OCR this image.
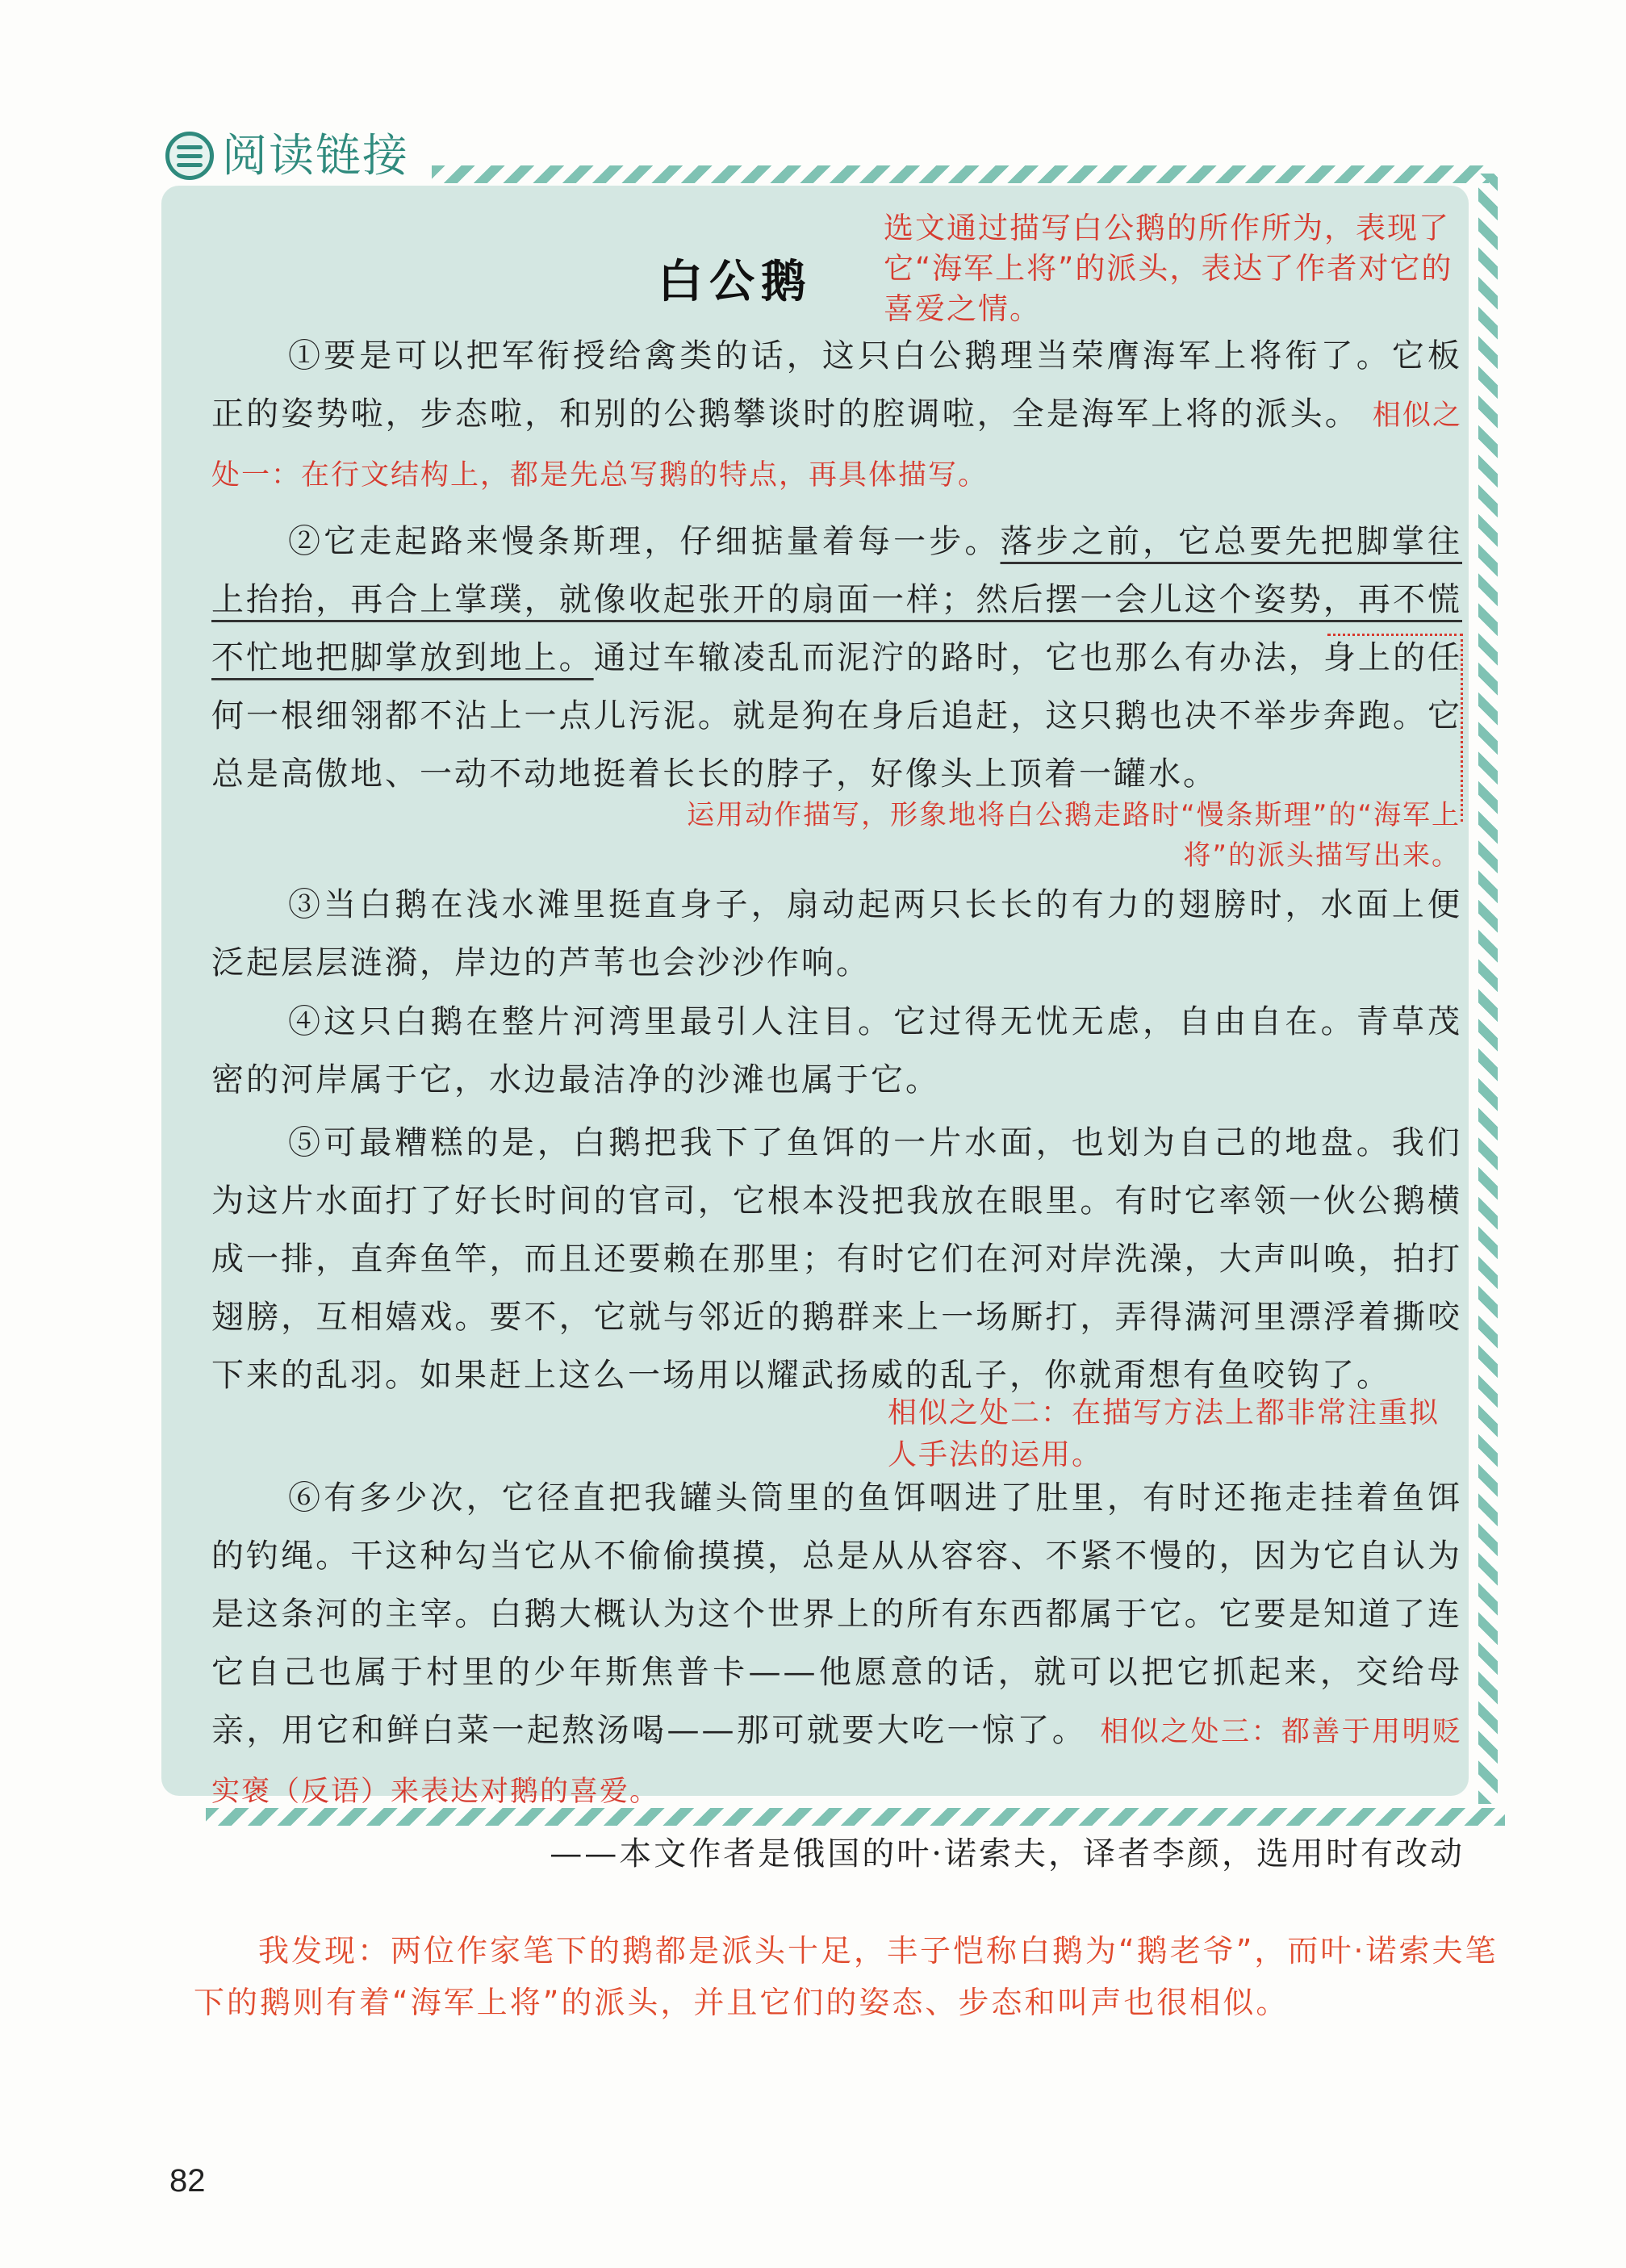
阅读链接
白公鹅
选文通过描写白公鹅的所作所为，表现了它“海军上将”的派头，表达了作者对它的喜爱之情。

①要是可以把军衔授给禽类的话，这只白公鹅理当荣膺海军上将衔了。它板正的姿势啦，步态啦，和别的公鹅攀谈时的腔调啦，全是海军上将的派头。 相似之处一：在行文结构上，都是先总写鹅的特点，再具体描写。

②它走起路来慢条斯理，仔细掂量着每一步。落步之前，它总要先把脚掌往上抬抬，再合上掌璞，就像收起张开的扇面一样；然后摆一会儿这个姿势，再不慌不忙地把脚掌放到地上。通过车辙凌乱而泥泞的路时，它也那么有办法，身上的任何一根细翎都不沾上一点儿污泥。就是狗在身后追赶，这只鹅也决不举步奔跑。它总是高傲地、一动不动地挺着长长的脖子，好像头上顶着一罐水。

运用动作描写，形象地将白公鹅走路时“慢条斯理”的“海军上将”的派头描写出来。

③当白鹅在浅水滩里挺直身子，扇动起两只长长的有力的翅膀时，水面上便泛起层层涟漪，岸边的芦苇也会沙沙作响。

④这只白鹅在整片河湾里最引人注目。它过得无忧无虑，自由自在。青草茂密的河岸属于它，水边最洁净的沙滩也属于它。

⑤可最糟糕的是，白鹅把我下了鱼饵的一片水面，也划为自己的地盘。我们为这片水面打了好长时间的官司，它根本没把我放在眼里。有时它率领一伙公鹅横成一排，直奔鱼竿，而且还要赖在那里；有时它们在河对岸洗澡，大声叫唤，拍打翅膀，互相嬉戏。要不，它就与邻近的鹅群来上一场厮打，弄得满河里漂浮着撕咬下来的乱羽。如果赶上这么一场用以耀武扬威的乱子，你就甭想有鱼咬钩了。

相似之处二：在描写方法上都非常注重拟人手法的运用。

⑥有多少次，它径直把我罐头筒里的鱼饵咽进了肚里，有时还拖走挂着鱼饵的钓绳。干这种勾当它从不偷偷摸摸，总是从从容容、不紧不慢的，因为它自认为是这条河的主宰。白鹅大概认为这个世界上的所有东西都属于它。它要是知道了连它自己也属于村里的少年斯焦普卡——他愿意的话，就可以把它抓起来，交给母亲，用它和鲜白菜一起熬汤喝——那可就要大吃一惊了。 相似之处三：都善于用明贬实褒（反语）来表达对鹅的喜爱。

——本文作者是俄国的叶·诺索夫，译者李颜，选用时有改动

我发现：两位作家笔下的鹅都是派头十足，丰子恺称白鹅为“鹅老爷”，而叶·诺索夫笔下的鹅则有着“海军上将”的派头，并且它们的姿态、步态和叫声也很相似。

82
